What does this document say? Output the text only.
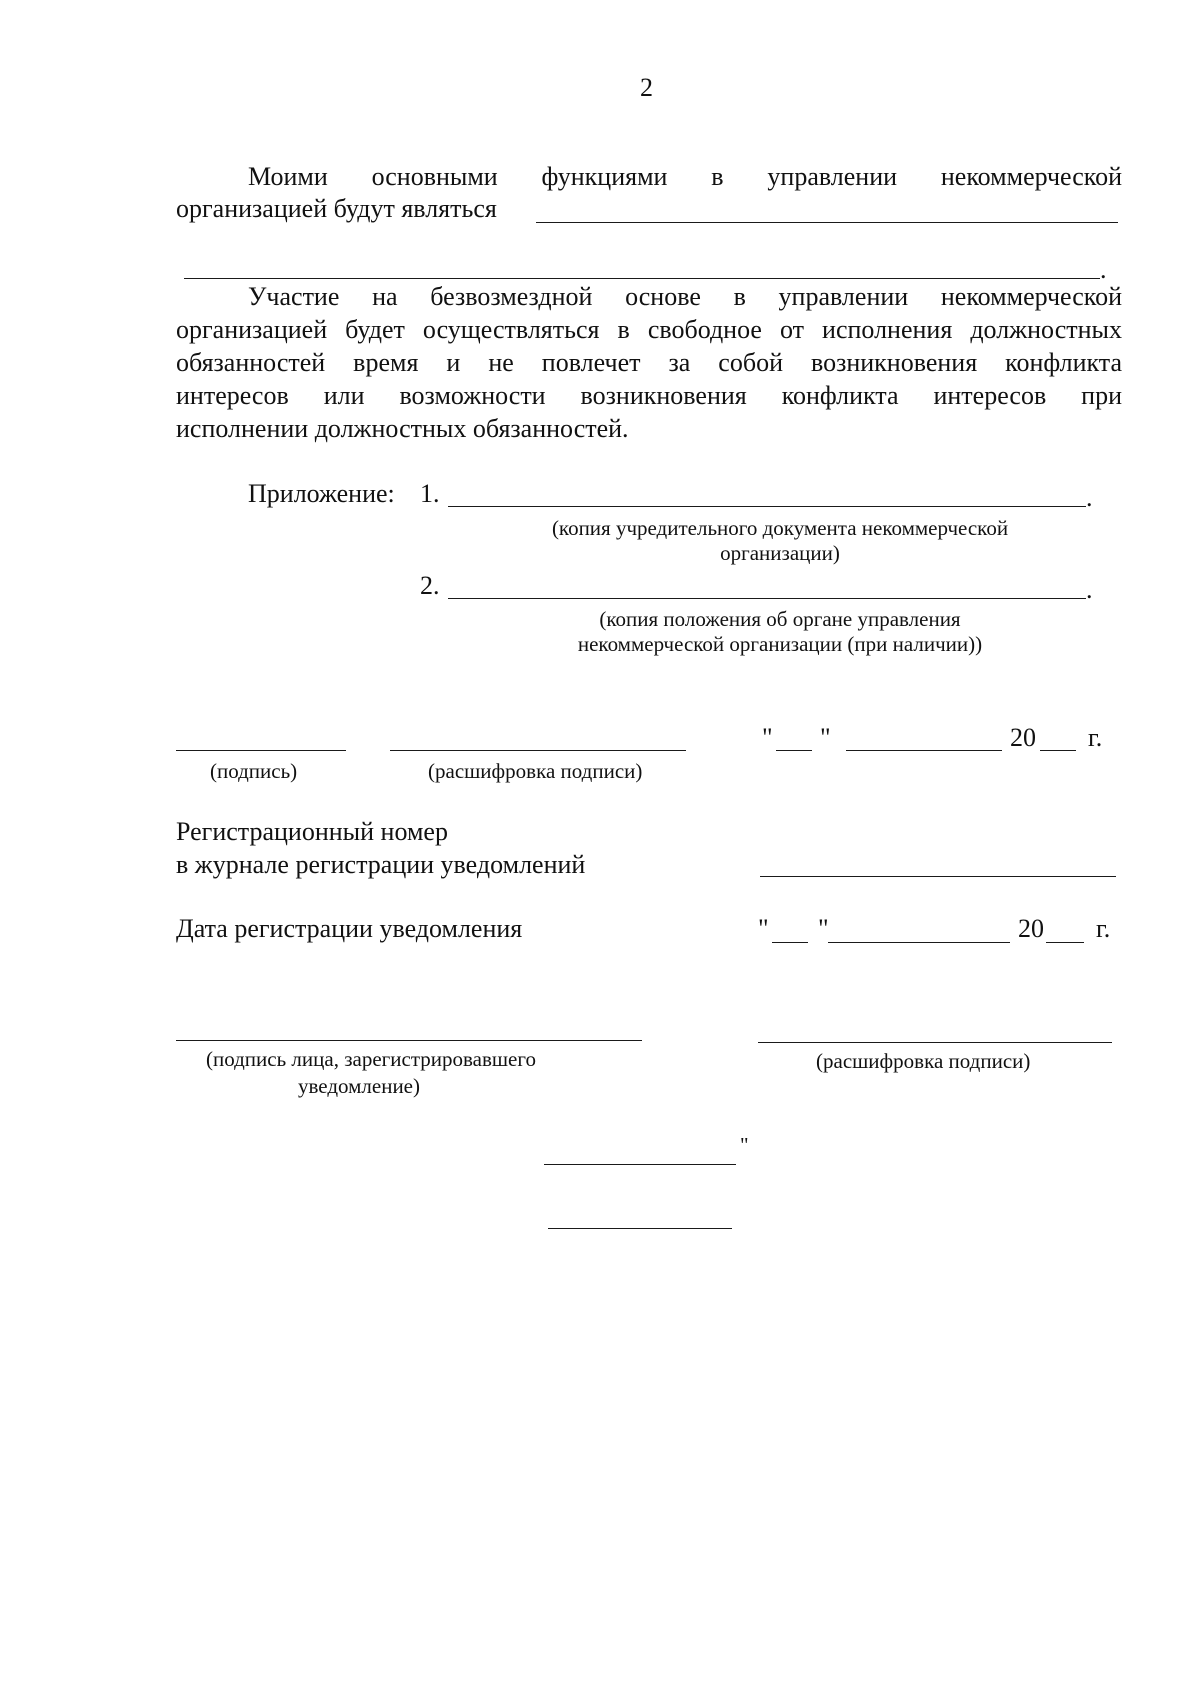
2
Моими основными функциями в управлении некоммерческой
организацией будут являться
.
Участие на безвозмездной основе в управлении некоммерческой
организацией будет осуществляться в свободное от исполнения должностных
обязанностей время и не повлечет за собой возникновения конфликта
интересов или возможности возникновения конфликта интересов при
исполнении должностных обязанностей.
Приложение: 1.	.
(копия учредительного документа некоммерческой
организации)
2.	.
(копия положения об органе управления
некоммерческой организации (при наличии))
(подпись)	(расшифровка подписи)
" "	20 г.
Регистрационный номер
в журнале регистрации уведомлений
Дата регистрации уведомления	" "	20 г.
(подпись лица, зарегистрировавшего
уведомление)
(расшифровка подписи)
"
